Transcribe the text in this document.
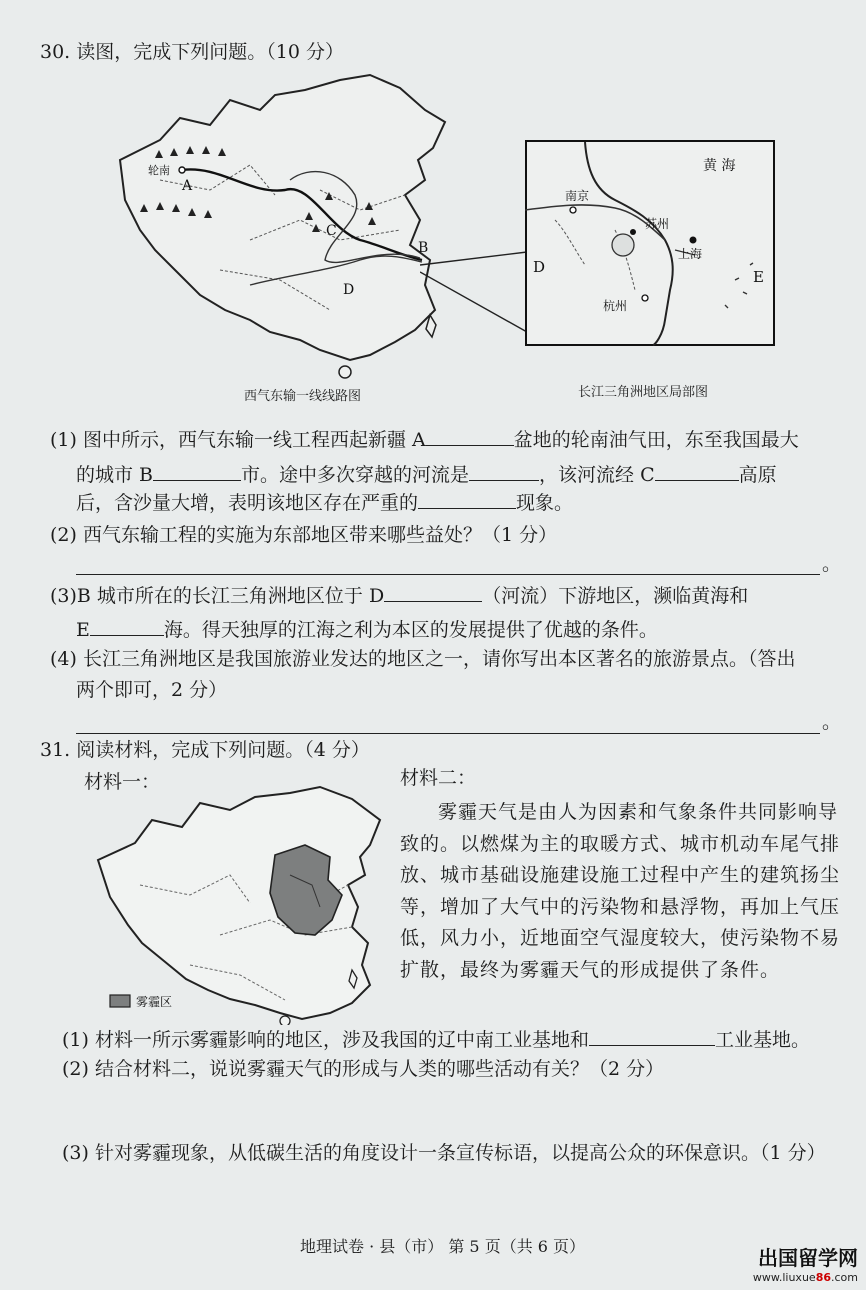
30. 读图，完成下列问题。（10 分）
轮南
A
C
D
B
黄 海
南京
苏州
上海
杭州
D
E
西气东输一线线路图	长江三角洲地区局部图
(1) 图中所示，西气东输一线工程西起新疆 A	盆地的轮南油气田，东至我国最大
的城市 B	市。途中多次穿越的河流是	，该河流经 C	高原
后，含沙量大增，表明该地区存在严重的	现象。
(2) 西气东输工程的实施为东部地区带来哪些益处？（1 分）
。
(3)B 城市所在的长江三角洲地区位于 D	（河流）下游地区，濒临黄海和
E	海。得天独厚的江海之利为本区的发展提供了优越的条件。
(4) 长江三角洲地区是我国旅游业发达的地区之一，请你写出本区著名的旅游景点。（答出
两个即可，2 分）
。
31. 阅读材料，完成下列问题。（4 分）
材料一：	材料二：
雾霾区
雾霾天气是由人为因素和气象条件共同影响导致的。以燃煤为主的取暖方式、城市机动车尾气排放、城市基础设施建设施工过程中产生的建筑扬尘等，增加了大气中的污染物和悬浮物，再加上气压低，风力小，近地面空气湿度较大，使污染物不易扩散，最终为雾霾天气的形成提供了条件。
(1) 材料一所示雾霾影响的地区，涉及我国的辽中南工业基地和	工业基地。
(2) 结合材料二，说说雾霾天气的形成与人类的哪些活动有关？（2 分）
(3) 针对雾霾现象，从低碳生活的角度设计一条宣传标语，以提高公众的环保意识。（1 分）
地理试卷 · 县（市） 第 5 页（共 6 页）	出国留学网
www.liuxue86.com
